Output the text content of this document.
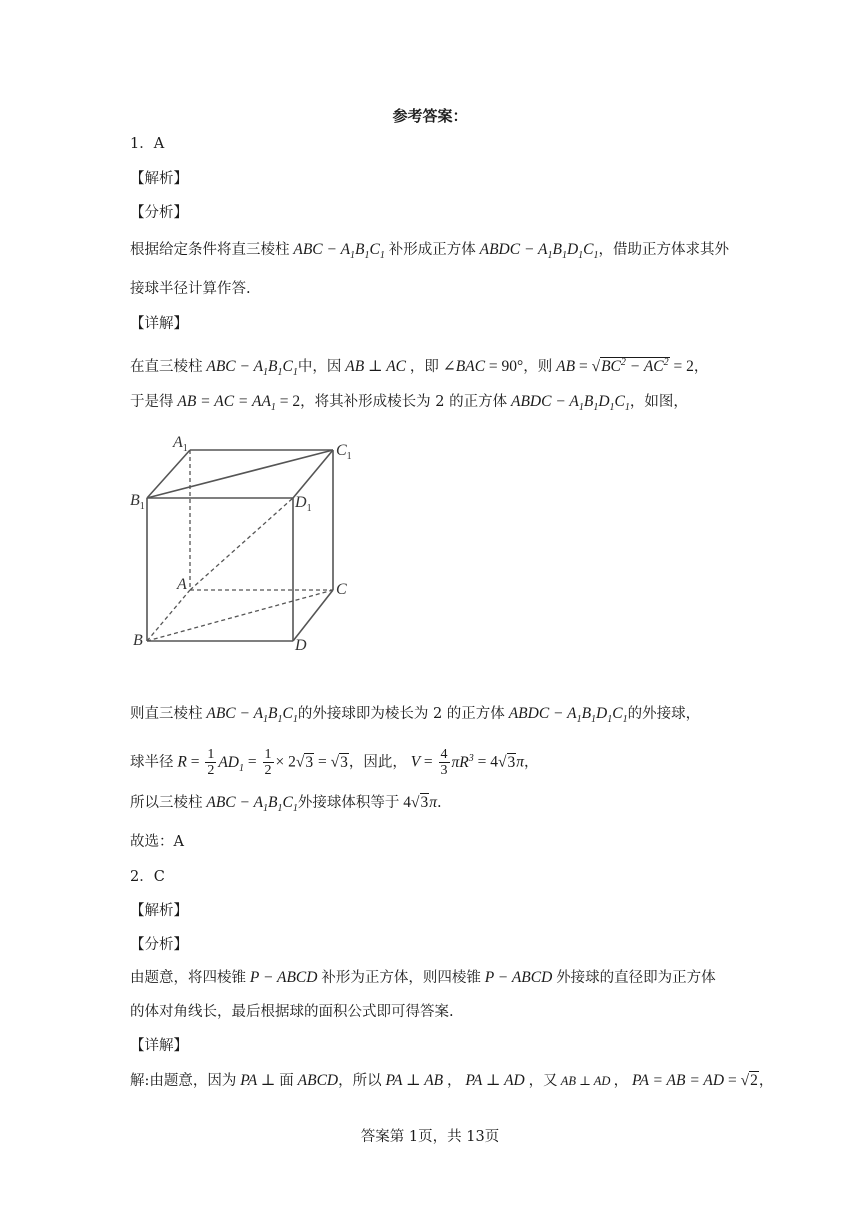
参考答案：
1．A
【解析】
【分析】
根据给定条件将直三棱柱 ABC − $A_1B_1C_1$ 补形成正方体 ABDC − $A_1B_1D_1C_1$，借助正方体求其外
接球半径计算作答.
【详解】
在直三棱柱 ABC − $A_1B_1C_1$中，因 AB ⊥ AC ，即 ∠BAC = 90°，则 AB = $√BC^2 - AC^2 = 2$，
于是得 AB = AC = $AA_1 = 2$，将其补形成棱长为 2 的正方体 ABDC − $A_1B_1D_1C_1$，如图，
$A_1$	$C_1$
$B_1$	$D_1$
A	C
B	D
则直三棱柱 ABC − $A_1B_1C_1$的外接球即为棱长为 2 的正方体 ABDC − $A_1B_1D_1C_1$的外接球，
球半径 $R = \frac{1}{2} AD_1 = \frac{1}{2} \times 2√3 = √3$，因此， $V = \frac{4}{3} \pi R^3 = 4√3\pi$，
所以三棱柱 ABC − $A_1B_1C_1$外接球体积等于 4√3π.
故选：A
2．C
【解析】
【分析】
由题意，将四棱锥 P − ABCD 补形为正方体，则四棱锥 P − ABCD 外接球的直径即为正方体
的体对角线长，最后根据球的面积公式即可得答案.
【详解】
解:由题意，因为 PA ⊥ 面 ABCD，所以 PA ⊥ AB ， PA ⊥ AD ，又 AB ⊥ AD ， PA = AB = AD = √2，
答案第 1页，共 13页
